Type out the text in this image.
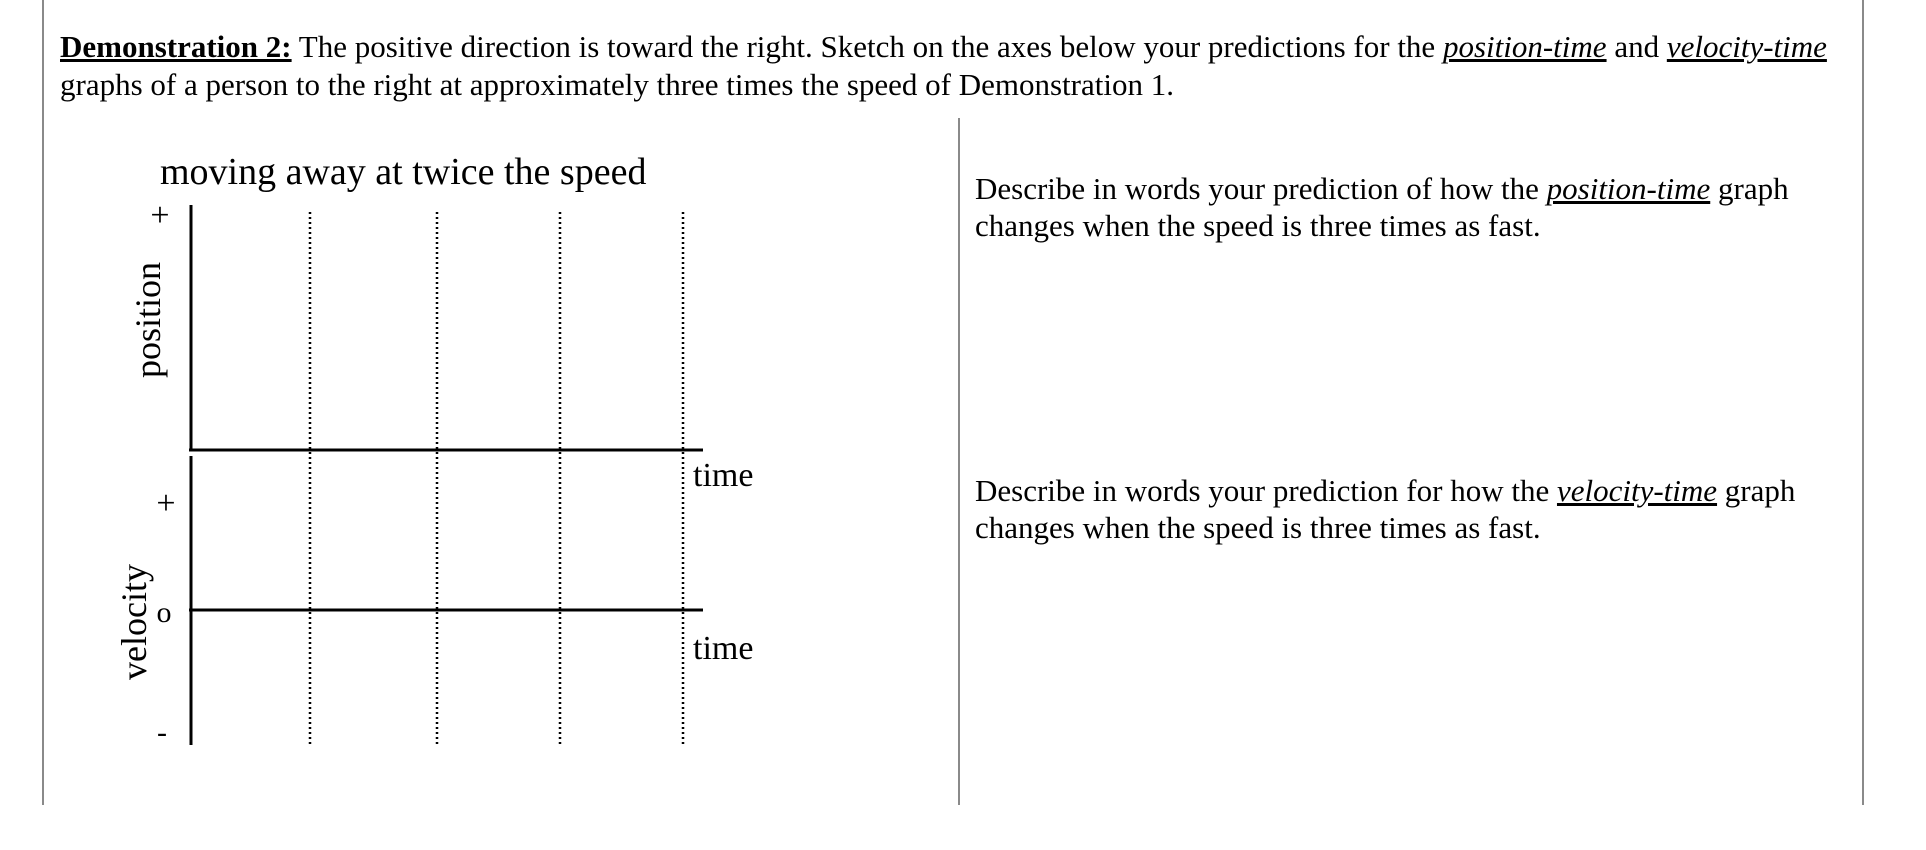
Demonstration 2: The positive direction is toward the right. Sketch on the axes below your predictions for the position-time and velocity-time graphs of a person to the right at approximately three times the speed of Demonstration 1.
moving away at twice the speed
+
position
time
+
o
-
velocity	time
Describe in words your prediction of how the position-time graph changes when the speed is three times as fast.
Describe in words your prediction for how the velocity-time graph changes when the speed is three times as fast.
